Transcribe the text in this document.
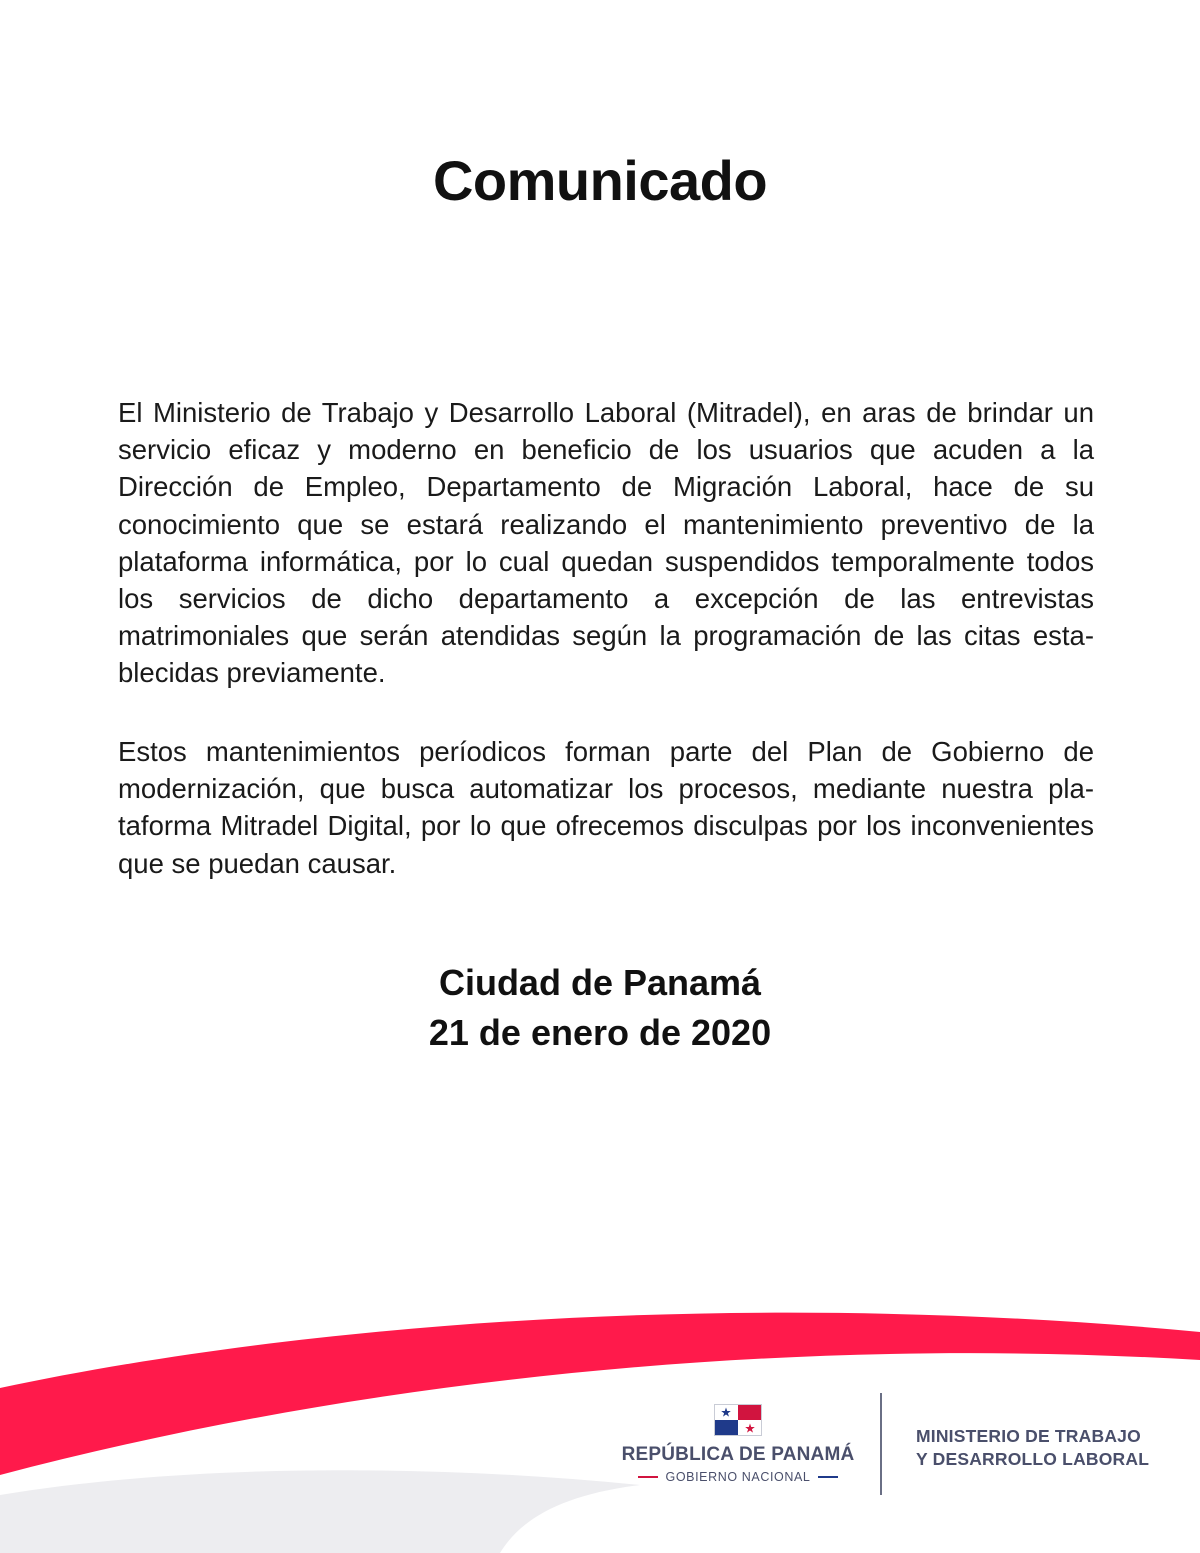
Comunicado

El Ministerio de Trabajo y Desarrollo Laboral (Mitradel), en aras de brindar un servicio eficaz y moderno en beneficio de los usuarios que acuden a la Dirección de Empleo, Departamento de Migración Laboral, hace de su conocimiento que se estará realizando el mantenimiento preventivo de la plataforma informática, por lo cual quedan suspendidos temporalmente todos los servicios de dicho departamento a excepción de las entrevistas matrimoniales que serán atendidas según la programación de las citas establecidas previamente.

Estos mantenimientos períodicos forman parte del Plan de Gobierno de modernización, que busca automatizar los procesos, mediante nuestra plataforma Mitradel Digital, por lo que ofrecemos disculpas por los inconvenientes que se puedan causar.

Ciudad de Panamá
21 de enero de 2020
REPÚBLICA DE PANAMÁ
GOBIERNO NACIONAL
MINISTERIO DE TRABAJO
Y DESARROLLO LABORAL
